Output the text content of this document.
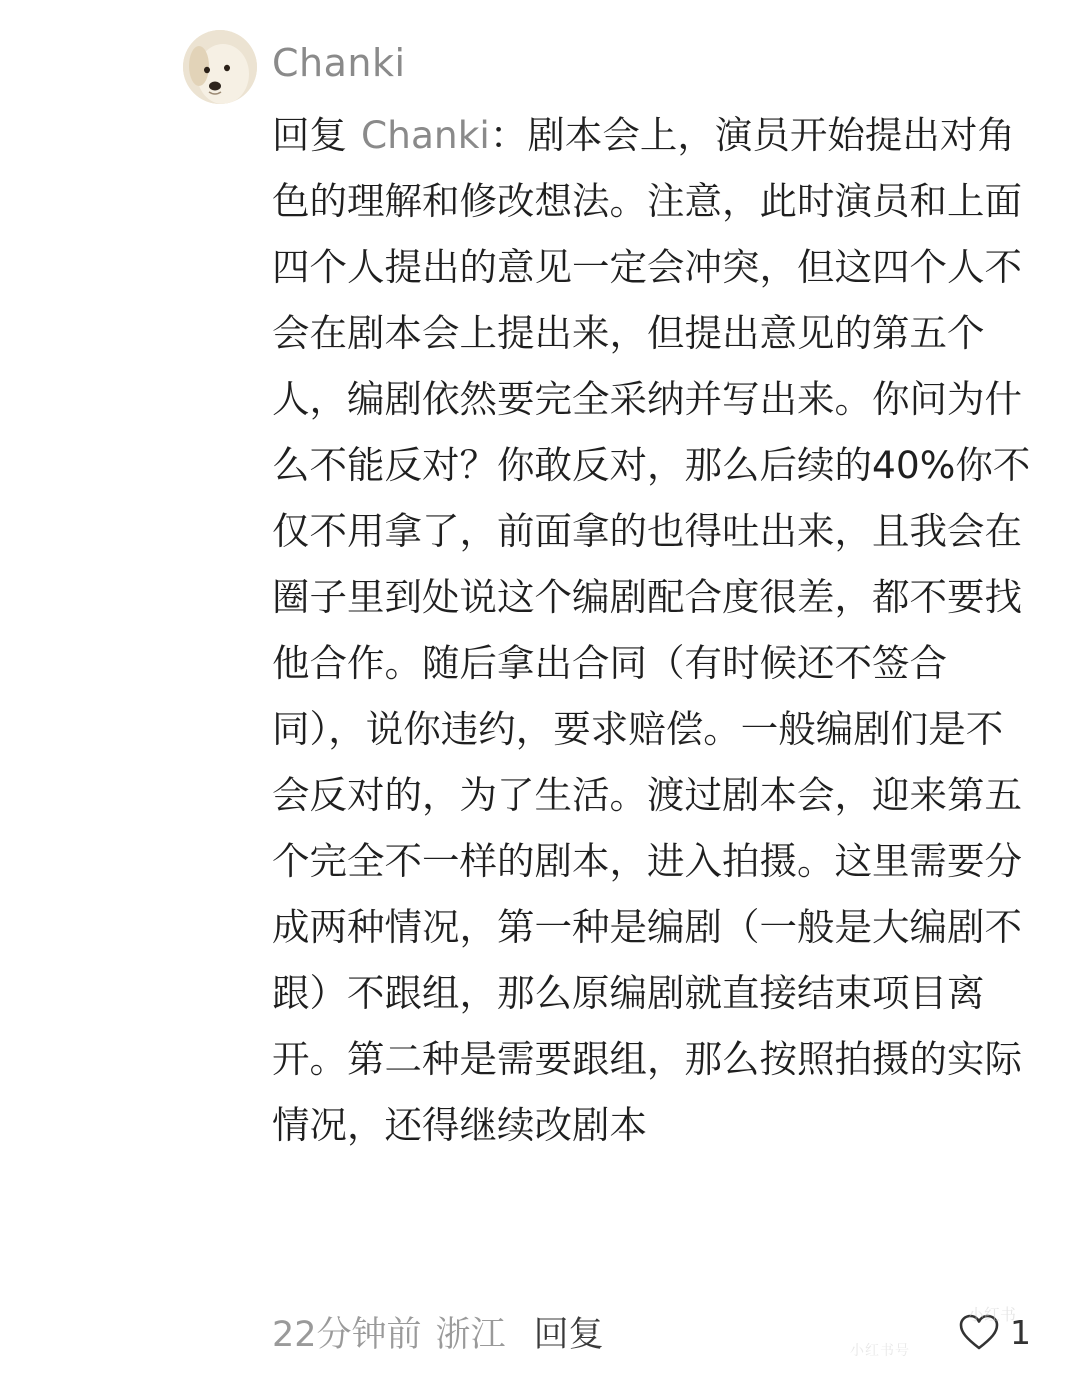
Chanki
回复 Chanki：剧本会上，演员开始提出对角色的理解和修改想法。注意，此时演员和上面四个人提出的意见一定会冲突，但这四个人不会在剧本会上提出来，但提出意见的第五个人，编剧依然要完全采纳并写出来。你问为什么不能反对？你敢反对，那么后续的40%你不仅不用拿了，前面拿的也得吐出来，且我会在圈子里到处说这个编剧配合度很差，都不要找他合作。随后拿出合同（有时候还不签合同），说你违约，要求赔偿。一般编剧们是不会反对的，为了生活。渡过剧本会，迎来第五个完全不一样的剧本，进入拍摄。这里需要分成两种情况，第一种是编剧（一般是大编剧不跟）不跟组，那么原编剧就直接结束项目离开。第二种是需要跟组，那么按照拍摄的实际情况，还得继续改剧本
22分钟前 浙江 回复	1
小红书
小红书号
